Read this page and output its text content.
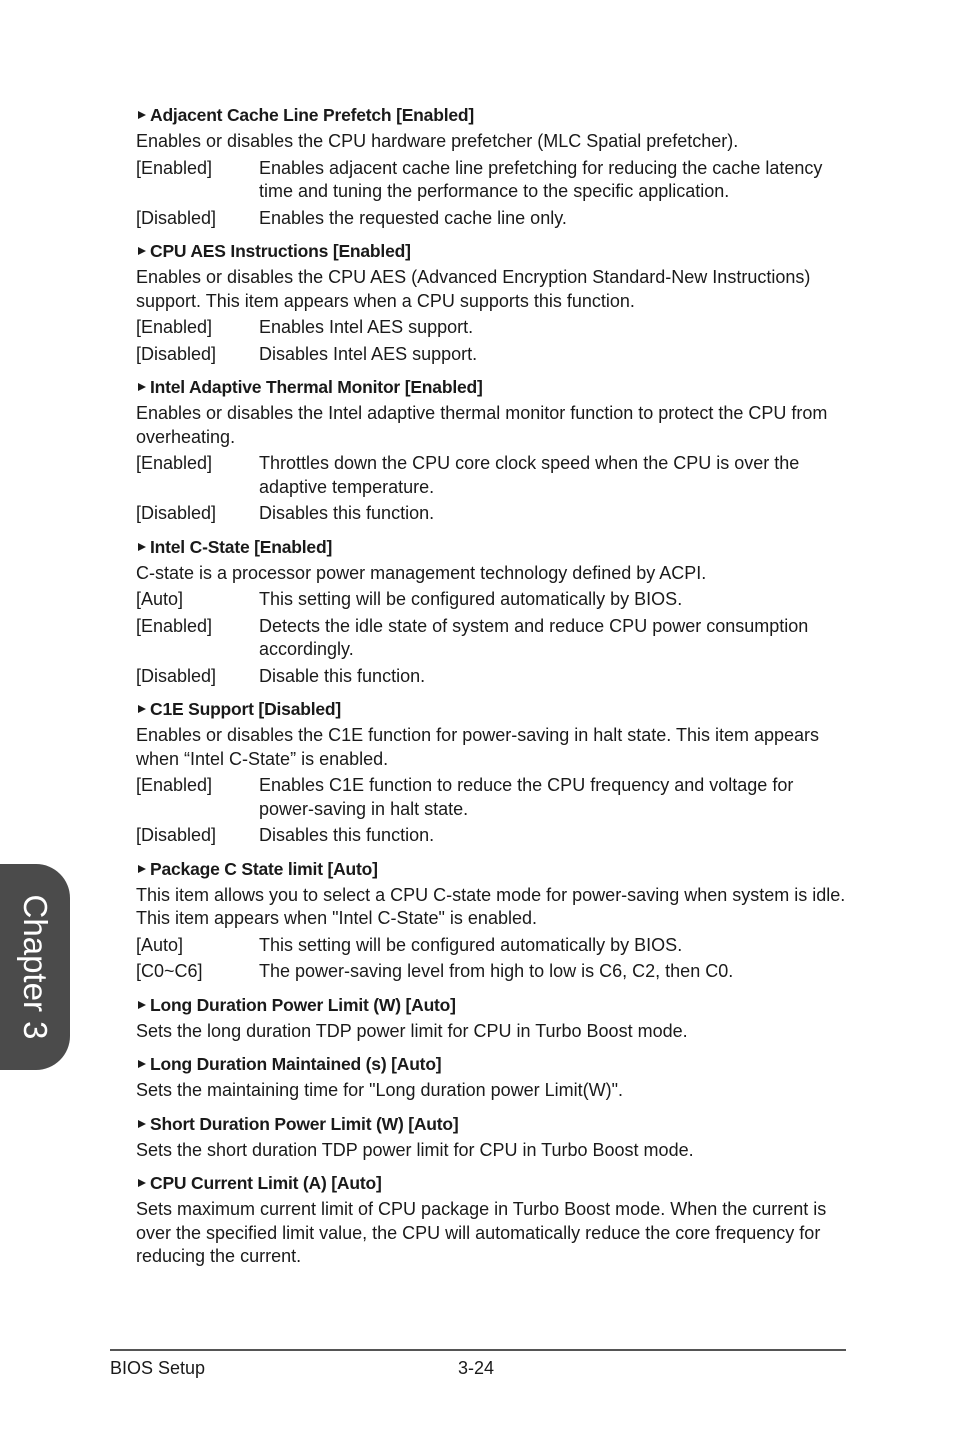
Adjacent Cache Line Prefetch [Enabled]
Enables or disables the CPU hardware prefetcher (MLC Spatial prefetcher).
[Enabled]	Enables adjacent cache line prefetching for reducing the cache latency time and tuning the performance to the specific application.
[Disabled]	Enables the requested cache line only.
CPU AES Instructions [Enabled]
Enables or disables the CPU AES (Advanced Encryption Standard-New Instructions) support. This item appears when a CPU supports this function.
[Enabled]	Enables Intel AES support.
[Disabled]	Disables Intel AES support.
Intel Adaptive Thermal Monitor [Enabled]
Enables or disables the Intel adaptive thermal monitor function to protect the CPU from overheating.
[Enabled]	Throttles down the CPU core clock speed when the CPU is over the adaptive temperature.
[Disabled]	Disables this function.
Intel C-State [Enabled]
C-state is a processor power management technology defined by ACPI.
[Auto]	This setting will be configured automatically by BIOS.
[Enabled]	Detects the idle state of system and reduce CPU power consumption accordingly.
[Disabled]	Disable this function.
C1E Support [Disabled]
Enables or disables the C1E function for power-saving in halt state. This item appears when “Intel C-State” is enabled.
[Enabled]	Enables C1E function to reduce the CPU frequency and voltage for power-saving in halt state.
[Disabled]	Disables this function.
Package C State limit [Auto]
This item allows you to select a CPU C-state mode for power-saving when system is idle. This item appears when "Intel C-State" is enabled.
[Auto]	This setting will be configured automatically by BIOS.
[C0~C6]	The power-saving level from high to low is C6, C2, then C0.
Long Duration Power Limit (W) [Auto]
Sets the long duration TDP power limit for CPU in Turbo Boost mode.
Long Duration Maintained (s) [Auto]
Sets the maintaining time for "Long duration power Limit(W)".
Short Duration Power Limit (W) [Auto]
Sets the short duration TDP power limit for CPU in Turbo Boost mode.
CPU Current Limit (A) [Auto]
Sets maximum current limit of CPU package in Turbo Boost mode. When the current is over the specified limit value, the CPU will automatically reduce the core frequency for reducing the current.
Chapter 3
BIOS Setup	3-24
